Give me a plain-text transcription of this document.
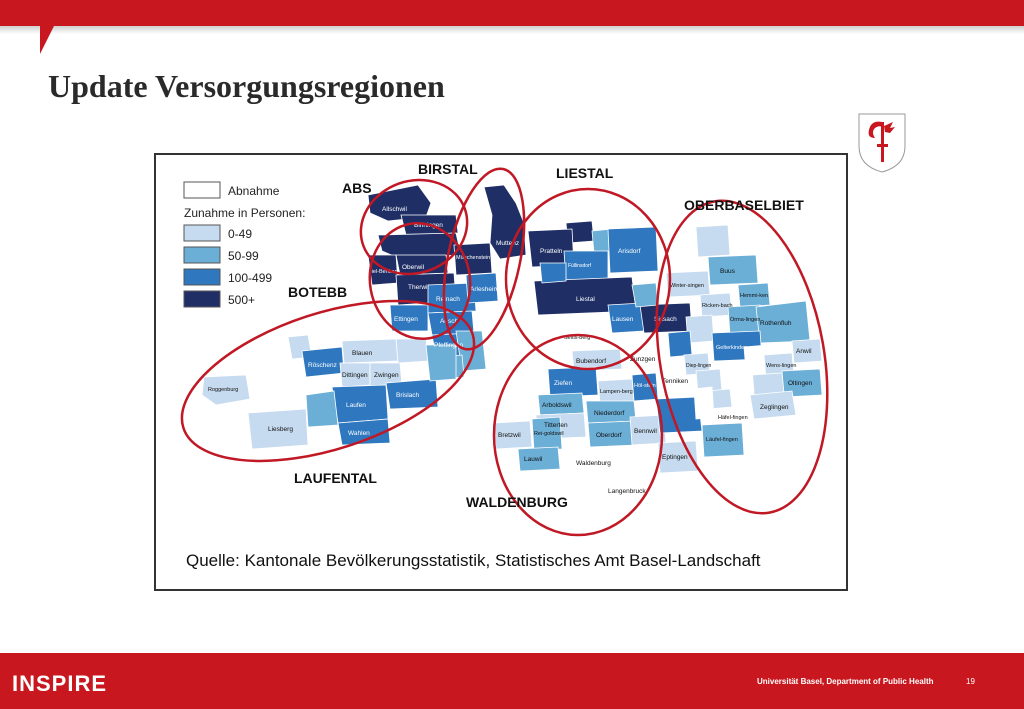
Update Versorgungsregionen
Abnahme
Zunahme in Personen:
0-49
50-99
100-499
500+
Allschwil
Binningen
Oberwil
Therwil
Biel-Benken
Muttenz
Pratteln	Arisdorf
Liestal
Aesch
Reinach
Ettingen
Arlesheim
Münchenstein
Pfeffingen
Blauen
Dittingen Zwingen
Brislach
Laufen
Wahlen
Liesberg
Röschenz
Roggenburg
Buus
Rothenfluh
Anwil
Oltingen
Zeglingen
Läufel-fingen
Häfel-fingen
Sissach
Lausen
Ziefen
Bubendorf
Niederdorf
Oberdorf
Bennwil
Eptingen
Tenniken
Zunzgen
Arboldswil
Titterten
Bretzwil
Lauwil
Rei-goldswil
Waldenburg
Langenbruck
Winter-singen
Ricken-bach
Gelterkinden
Orma-lingen
Hemmi-ken
Wens-lingen
Seltis-berg
Lampen-berg
Höl-stein
Diep-lingen
Füllinsdorf
BIRSTAL
ABS
LIESTAL
OBERBASELBIET
BOTEBB
LAUFENTAL
WALDENBURG
Quelle: Kantonale Bevölkerungsstatistik, Statistisches Amt Basel-Landschaft
INSPIRE	Universität Basel, Department of Public Health	19
